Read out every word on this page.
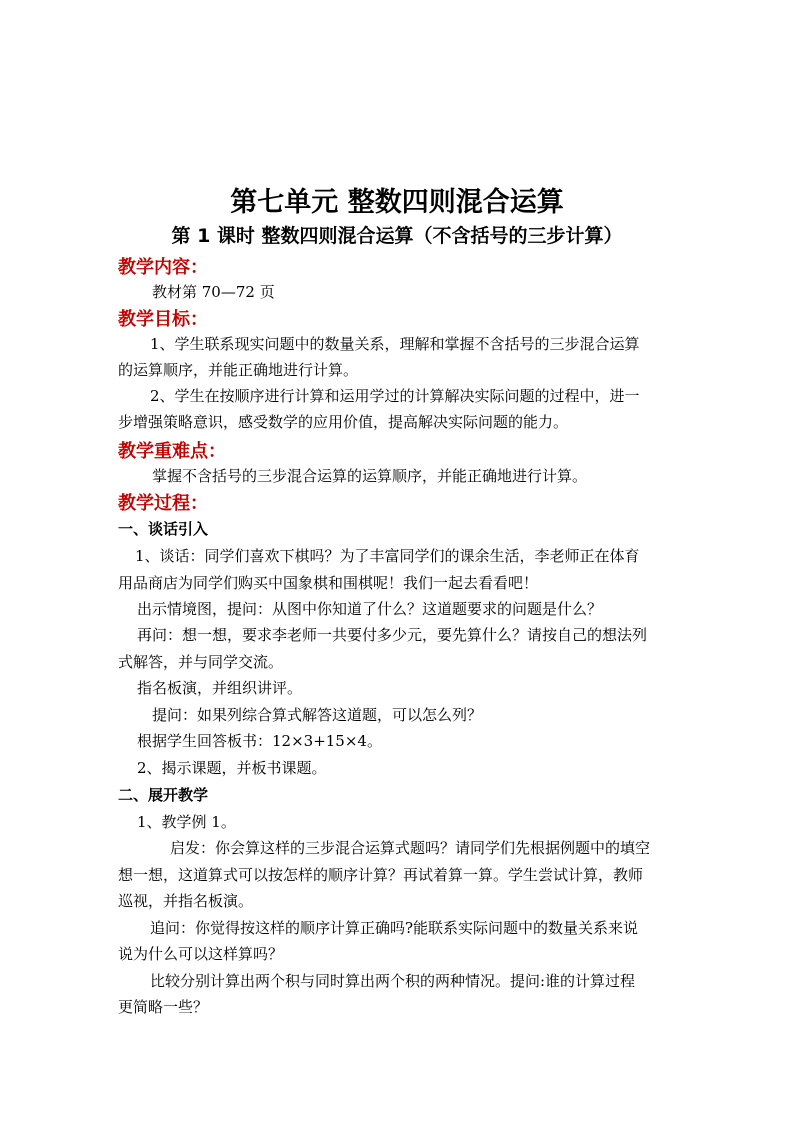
第七单元 整数四则混合运算
第 1 课时 整数四则混合运算（不含括号的三步计算）
教学内容：
教材第 70—72 页
教学目标：
1、学生联系现实问题中的数量关系，理解和掌握不含括号的三步混合运算
的运算顺序，并能正确地进行计算。
2、学生在按顺序进行计算和运用学过的计算解决实际问题的过程中，进一
步增强策略意识，感受数学的应用价值，提高解决实际问题的能力。
教学重难点：
掌握不含括号的三步混合运算的运算顺序，并能正确地进行计算。
教学过程：
一、谈话引入
1、谈话：同学们喜欢下棋吗？为了丰富同学们的课余生活，李老师正在体育
用品商店为同学们购买中国象棋和围棋呢！我们一起去看看吧！
出示情境图，提问：从图中你知道了什么？这道题要求的问题是什么？
再问：想一想，要求李老师一共要付多少元，要先算什么？请按自己的想法列
式解答，并与同学交流。
指名板演，并组织讲评。
提问：如果列综合算式解答这道题，可以怎么列？
根据学生回答板书：12×3+15×4。
2、揭示课题，并板书课题。
二、展开教学
1、教学例 1。
启发：你会算这样的三步混合运算式题吗？请同学们先根据例题中的填空
想一想，这道算式可以按怎样的顺序计算？再试着算一算。学生尝试计算，教师
巡视，并指名板演。
追问：你觉得按这样的顺序计算正确吗?能联系实际问题中的数量关系来说
说为什么可以这样算吗？
比较分别计算出两个积与同时算出两个积的两种情况。提问:谁的计算过程
更简略一些？
